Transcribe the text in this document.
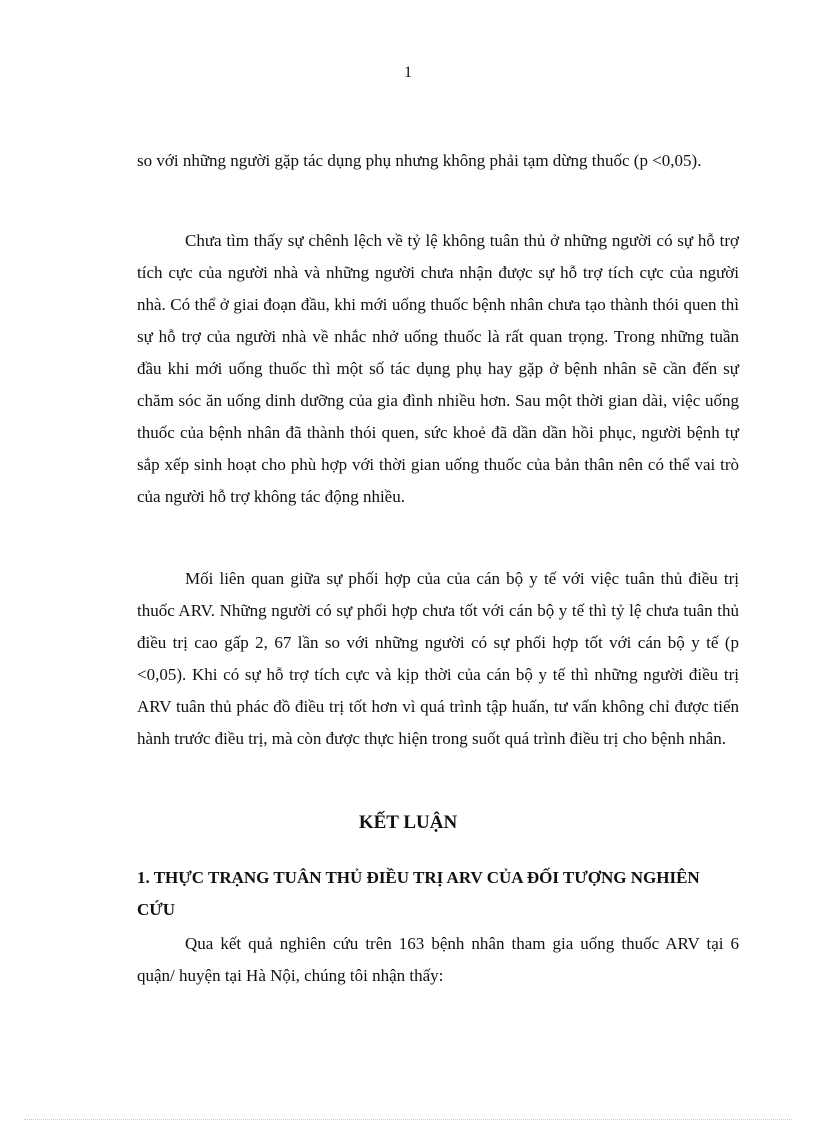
1

so với những người gặp tác dụng phụ nhưng không phải tạm dừng thuốc (p <0,05).

Chưa tìm thấy sự chênh lệch về tỷ lệ không tuân thủ ở những người có sự hỗ trợ tích cực của người nhà và những người chưa nhận được sự hỗ trợ tích cực của người nhà. Có thể ở giai đoạn đầu, khi mới uống thuốc bệnh nhân chưa tạo thành thói quen thì sự hỗ trợ của người nhà về nhắc nhở uống thuốc là rất quan trọng. Trong những tuần đầu khi mới uống thuốc thì một số tác dụng phụ hay gặp ở bệnh nhân sẽ cần đến sự chăm sóc ăn uống dinh dưỡng của gia đình nhiều hơn. Sau một thời gian dài, việc uống thuốc của bệnh nhân đã thành thói quen, sức khoẻ đã dần dần hồi phục, người bệnh tự sắp xếp sinh hoạt cho phù hợp với thời gian uống thuốc của bản thân nên có thể vai trò của người hỗ trợ không tác động nhiều.

Mối liên quan giữa sự phối hợp của của cán bộ y tế với việc tuân thủ điều trị thuốc ARV. Những người có sự phối hợp chưa tốt với cán bộ y tế thì tỷ lệ chưa tuân thủ điều trị cao gấp 2, 67 lần so với những người có sự phối hợp tốt với cán bộ y tế (p <0,05). Khi có sự hỗ trợ tích cực và kịp thời của cán bộ y tế thì những người điều trị ARV tuân thủ phác đồ điều trị tốt hơn vì quá trình tập huấn, tư vấn không chỉ được tiến hành trước điều trị, mà còn được thực hiện trong suốt quá trình điều trị cho bệnh nhân.

KẾT LUẬN

1. THỰC TRẠNG TUÂN THỦ ĐIỀU TRỊ ARV CỦA ĐỐI TƯỢNG NGHIÊN CỨU

Qua kết quả nghiên cứu trên 163 bệnh nhân tham gia uống thuốc ARV tại 6 quận/ huyện tại Hà Nội, chúng tôi nhận thấy:
